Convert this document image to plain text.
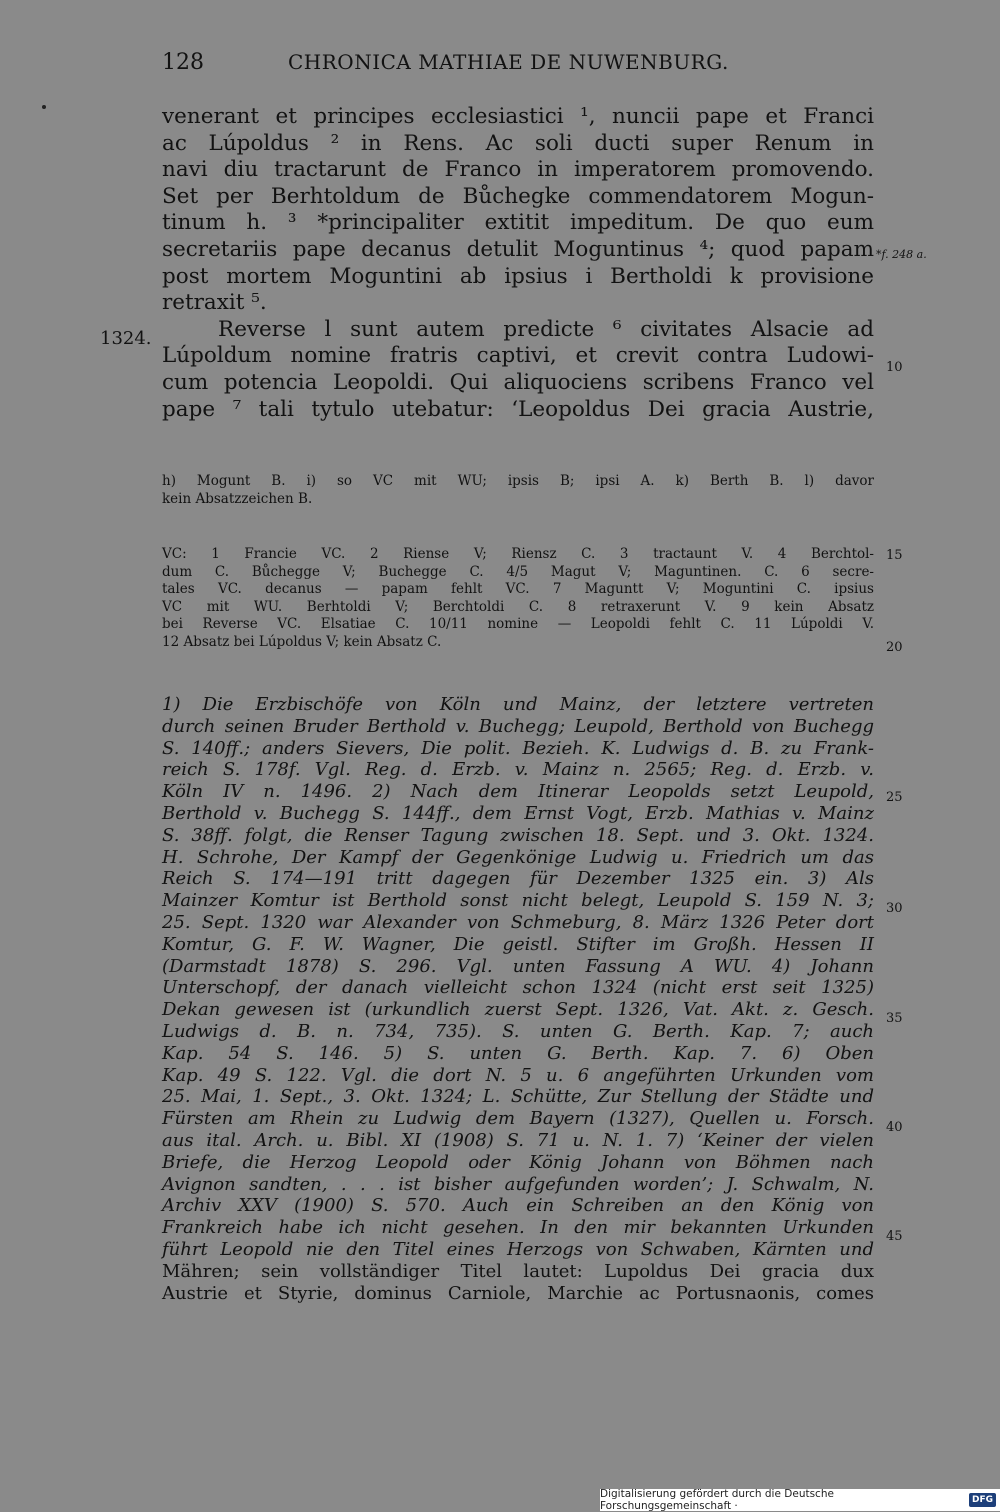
128	CHRONICA MATHIAE DE NUWENBURG.
1324.
*f. 248 a.
venerant et principes ecclesiastici ¹, nuncii pape et Franci
ac Lúpoldus ² in Rens. Ac soli ducti super Renum in
navi diu tractarunt de Franco in imperatorem promovendo.
Set per Berhtoldum de Bůchegke commendatorem Mogun-
tinum h. ³ *principaliter extitit impeditum. De quo eum
secretariis pape decanus detulit Moguntinus ⁴; quod papam
post mortem Moguntini ab ipsius i Bertholdi k provisione
retraxit ⁵.
Reverse l sunt autem predicte ⁶ civitates Alsacie ad
Lúpoldum nomine fratris captivi, et crevit contra Ludowi-
cum potencia Leopoldi. Qui aliquociens scribens Franco vel
pape ⁷ tali tytulo utebatur: ‘Leopoldus Dei gracia Austrie,
h) Mogunt B. i) so VC mit WU; ipsis B; ipsi A. k) Berth B. l) davor
kein Absatzzeichen B.
VC: 1 Francie VC. 2 Riense V; Riensz C. 3 tractaunt V. 4 Berchtol-
dum C. Bůchegge V; Buchegge C. 4/5 Magut V; Maguntinen. C. 6 secre-
tales VC. decanus — papam fehlt VC. 7 Maguntt V; Moguntini C. ipsius
VC mit WU. Berhtoldi V; Berchtoldi C. 8 retraxerunt V. 9 kein Absatz
bei Reverse VC. Elsatiae C. 10/11 nomine — Leopoldi fehlt C. 11 Lúpoldi V.
12 Absatz bei Lúpoldus V; kein Absatz C.
1) Die Erzbischöfe von Köln und Mainz, der letztere vertreten
durch seinen Bruder Berthold v. Buchegg; Leupold, Berthold von Buchegg
S. 140ff.; anders Sievers, Die polit. Bezieh. K. Ludwigs d. B. zu Frank-
reich S. 178f. Vgl. Reg. d. Erzb. v. Mainz n. 2565; Reg. d. Erzb. v.
Köln IV n. 1496. 2) Nach dem Itinerar Leopolds setzt Leupold,
Berthold v. Buchegg S. 144ff., dem Ernst Vogt, Erzb. Mathias v. Mainz
S. 38ff. folgt, die Renser Tagung zwischen 18. Sept. und 3. Okt. 1324.
H. Schrohe, Der Kampf der Gegenkönige Ludwig u. Friedrich um das
Reich S. 174—191 tritt dagegen für Dezember 1325 ein. 3) Als
Mainzer Komtur ist Berthold sonst nicht belegt, Leupold S. 159 N. 3;
25. Sept. 1320 war Alexander von Schmeburg, 8. März 1326 Peter dort
Komtur, G. F. W. Wagner, Die geistl. Stifter im Großh. Hessen II
(Darmstadt 1878) S. 296. Vgl. unten Fassung A WU. 4) Johann
Unterschopf, der danach vielleicht schon 1324 (nicht erst seit 1325)
Dekan gewesen ist (urkundlich zuerst Sept. 1326, Vat. Akt. z. Gesch.
Ludwigs d. B. n. 734, 735). S. unten G. Berth. Kap. 7; auch
Kap. 54 S. 146. 5) S. unten G. Berth. Kap. 7. 6) Oben
Kap. 49 S. 122. Vgl. die dort N. 5 u. 6 angeführten Urkunden vom
25. Mai, 1. Sept., 3. Okt. 1324; L. Schütte, Zur Stellung der Städte und
Fürsten am Rhein zu Ludwig dem Bayern (1327), Quellen u. Forsch.
aus ital. Arch. u. Bibl. XI (1908) S. 71 u. N. 1. 7) ‘Keiner der vielen
Briefe, die Herzog Leopold oder König Johann von Böhmen nach
Avignon sandten, . . . ist bisher aufgefunden worden’; J. Schwalm, N.
Archiv XXV (1900) S. 570. Auch ein Schreiben an den König von
Frankreich habe ich nicht gesehen. In den mir bekannten Urkunden
führt Leopold nie den Titel eines Herzogs von Schwaben, Kärnten und
Mähren; sein vollständiger Titel lautet: Lupoldus Dei gracia dux
Austrie et Styrie, dominus Carniole, Marchie ac Portusnaonis, comes
10
15
20
25
30
35
40
45
Digitalisierung gefördert durch die Deutsche Forschungsgemeinschaft ·	DFG
